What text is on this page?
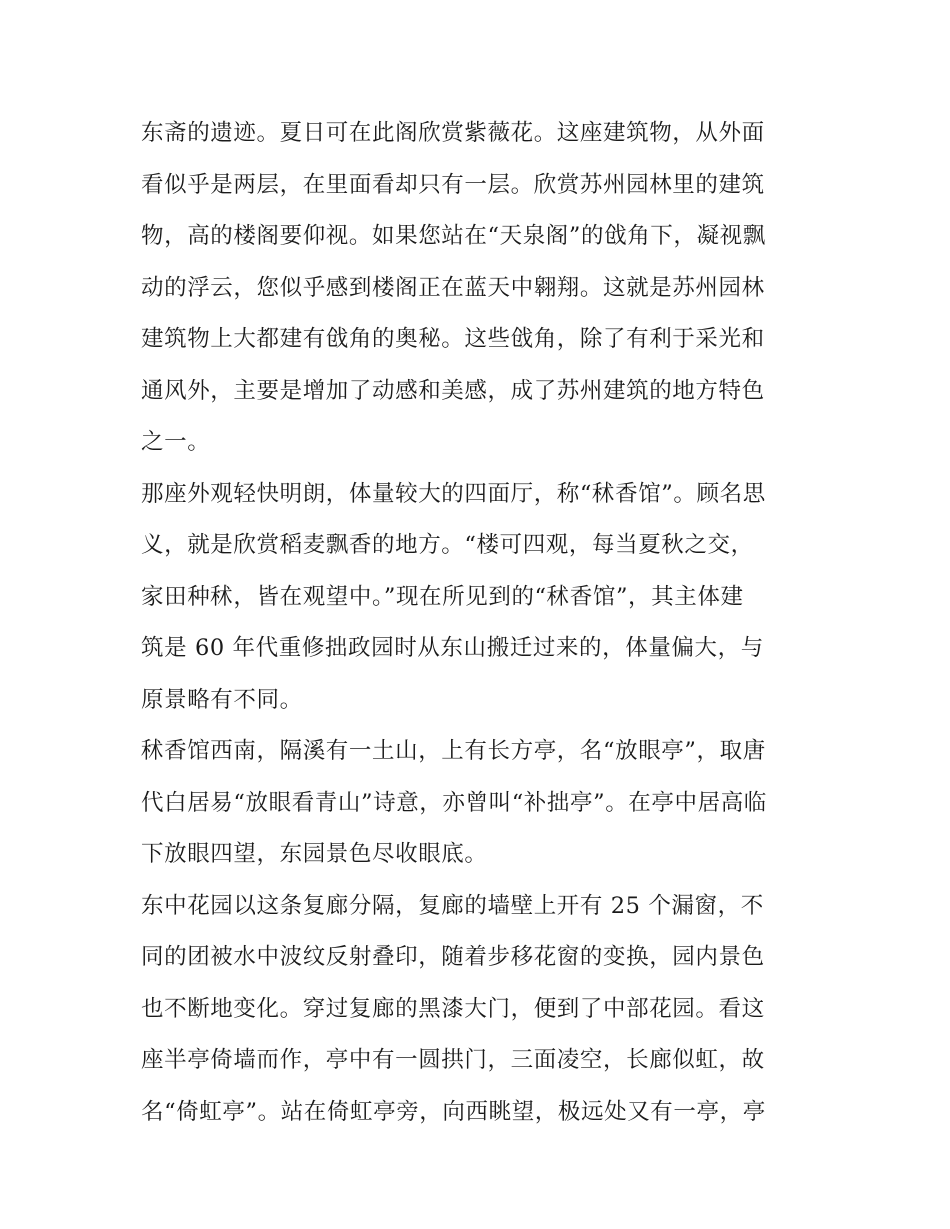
东斋的遗迹。夏日可在此阁欣赏紫薇花。这座建筑物，从外面
看似乎是两层，在里面看却只有一层。欣赏苏州园林里的建筑
物，高的楼阁要仰视。如果您站在“天泉阁”的戗角下，凝视飘
动的浮云，您似乎感到楼阁正在蓝天中翱翔。这就是苏州园林
建筑物上大都建有戗角的奥秘。这些戗角，除了有利于采光和
通风外，主要是增加了动感和美感，成了苏州建筑的地方特色
之一。
那座外观轻快明朗，体量较大的四面厅，称“秫香馆”。顾名思
义，就是欣赏稻麦飘香的地方。“楼可四观，每当夏秋之交，
家田种秫，皆在观望中。”现在所见到的“秫香馆”，其主体建
筑是 60 年代重修拙政园时从东山搬迁过来的，体量偏大，与
原景略有不同。
秫香馆西南，隔溪有一土山，上有长方亭，名“放眼亭”，取唐
代白居易“放眼看青山”诗意，亦曾叫“补拙亭”。在亭中居高临
下放眼四望，东园景色尽收眼底。
东中花园以这条复廊分隔，复廊的墙壁上开有 25 个漏窗，不
同的团被水中波纹反射叠印，随着步移花窗的变换，园内景色
也不断地变化。穿过复廊的黑漆大门，便到了中部花园。看这
座半亭倚墙而作，亭中有一圆拱门，三面凌空，长廊似虹，故
名“倚虹亭”。站在倚虹亭旁，向西眺望，极远处又有一亭，亭
